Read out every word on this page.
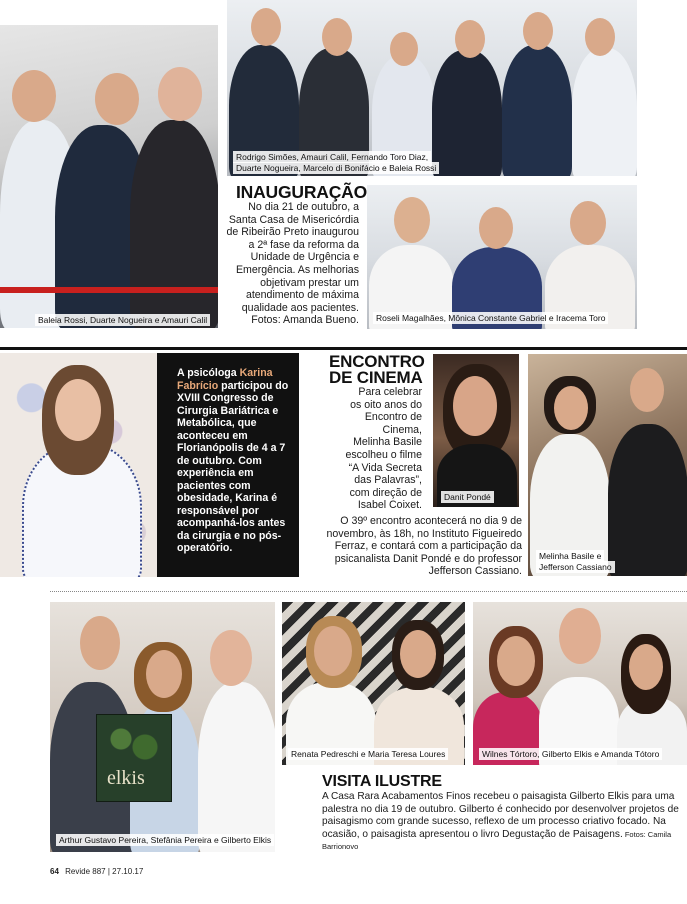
Baleia Rossi, Duarte Nogueira e Amauri Calil
Rodrigo Simões, Amauri Calil, Fernando Toro Diaz,
Duarte Nogueira, Marcelo di Bonifácio e Baleia Rossi
INAUGURAÇÃO
No dia 21 de outubro, a Santa Casa de Misericórdia de Ribeirão Preto inaugurou a 2ª fase da reforma da Unidade de Urgência e Emergência. As melhorias objetivam prestar um atendimento de máxima qualidade aos pacientes. Fotos: Amanda Bueno.	Roseli Magalhães, Mônica Constante Gabriel e Iracema Toro

A psicóloga Karina Fabrício participou do XVIII Congresso de Cirurgia Bariátrica e Metabólica, que aconteceu em Florianópolis de 4 a 7 de outubro. Com experiência em pacientes com obesidade, Karina é responsável por acompanhá-los antes da cirurgia e no pós-operatório.

ENCONTRO
DE CINEMA
Para celebrar os oito anos do Encontro de Cinema, Melinha Basile escolheu o filme “A Vida Secreta das Palavras”, com direção de Isabel Coixet.
O 39º encontro acontecerá no dia 9 de novembro, às 18h, no Instituto Figueiredo Ferraz, e contará com a participação da psicanalista Danit Pondé e do professor Jefferson Cassiano.
Danit Pondé
Melinha Basile e
Jefferson Cassiano
elkis
Arthur Gustavo Pereira, Stefânia Pereira e Gilberto Elkis
Renata Pedreschi e Maria Teresa Loures	Wilnes Tórtoro, Gilberto Elkis e Amanda Tótoro
VISITA ILUSTRE
A Casa Rara Acabamentos Finos recebeu o paisagista Gilberto Elkis para uma palestra no dia 19 de outubro. Gilberto é conhecido por desenvolver projetos de paisagismo com grande sucesso, reflexo de um processo criativo focado. Na ocasião, o paisagista apresentou o livro Degustação de Paisagens. Fotos: Camila Barrionovo
64 Revide 887 | 27.10.17
